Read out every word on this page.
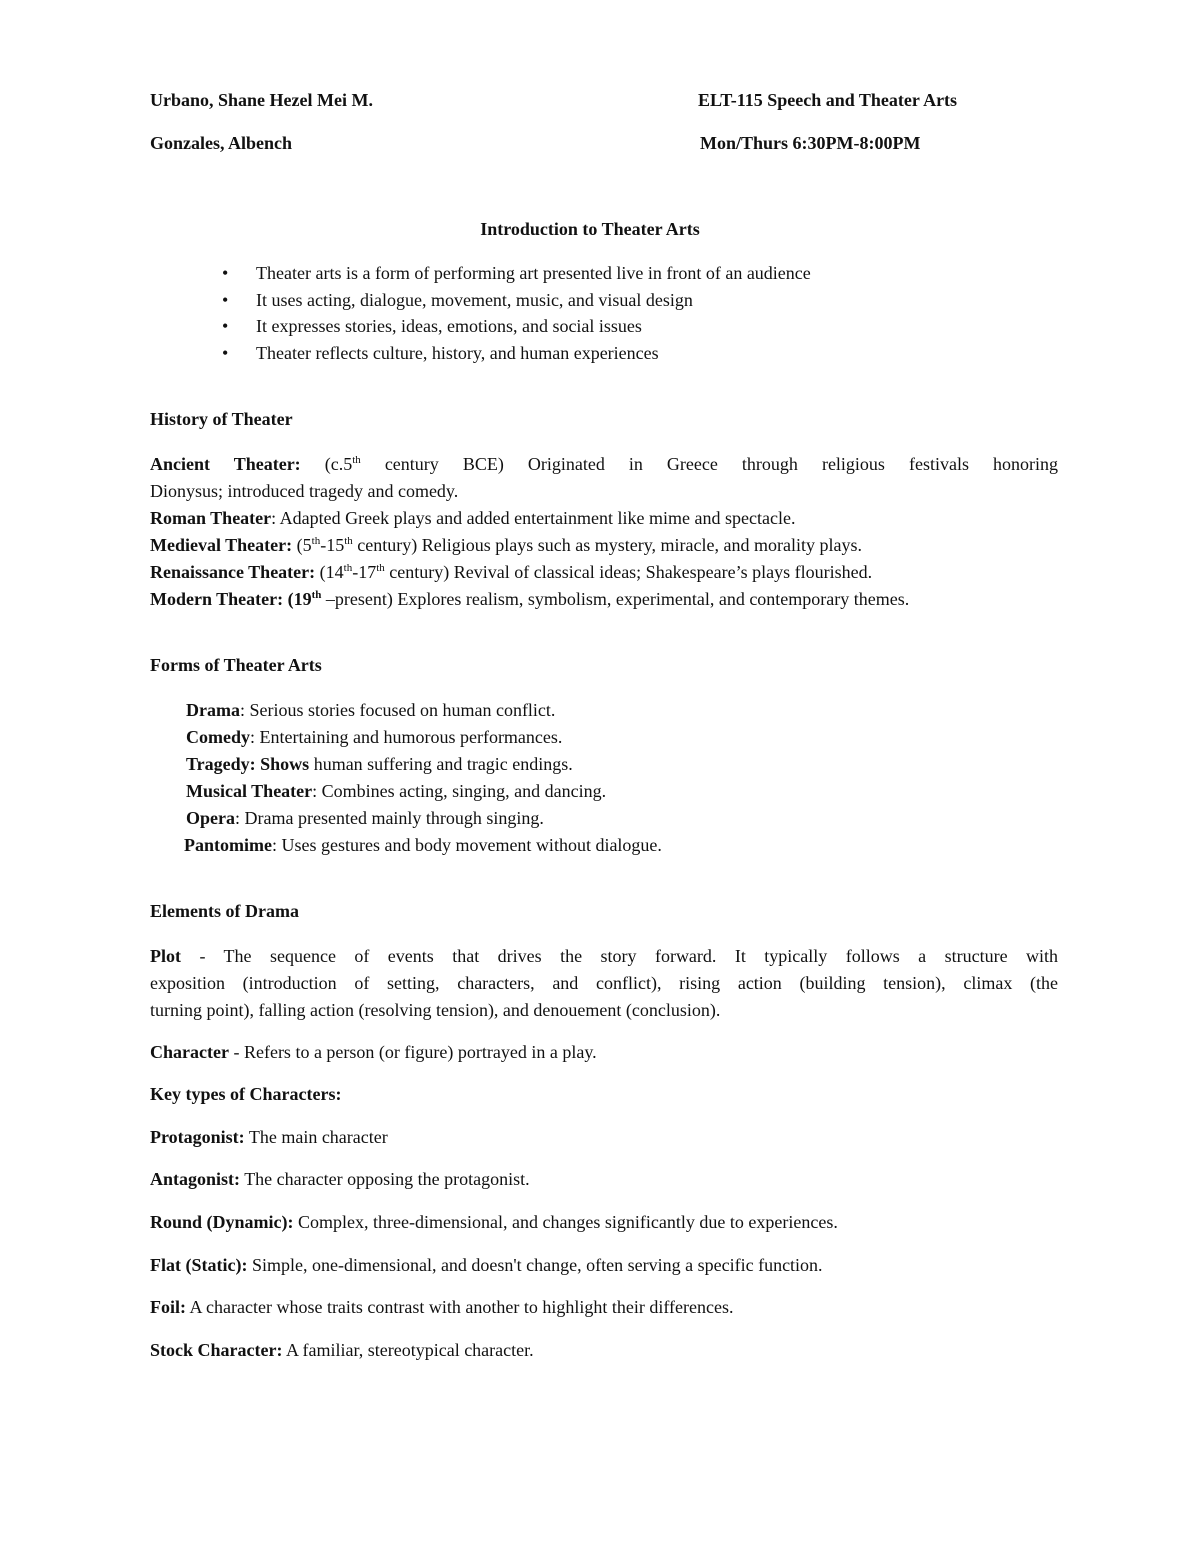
Urbano, Shane Hezel Mei M.
Gonzales, Albench
ELT-115 Speech and Theater Arts
Mon/Thurs 6:30PM-8:00PM
Introduction to Theater Arts
• Theater arts is a form of performing art presented live in front of an audience
• It uses acting, dialogue, movement, music, and visual design
• It expresses stories, ideas, emotions, and social issues
• Theater reflects culture, history, and human experiences
History of Theater
Ancient Theater: (c.5th century BCE) Originated in Greece through religious festivals honoring
Dionysus; introduced tragedy and comedy.
Roman Theater: Adapted Greek plays and added entertainment like mime and spectacle.
Medieval Theater: (5th-15th century) Religious plays such as mystery, miracle, and morality plays.
Renaissance Theater: (14th-17th century) Revival of classical ideas; Shakespeare’s plays flourished.
Modern Theater: (19th –present) Explores realism, symbolism, experimental, and contemporary themes.
Forms of Theater Arts
Drama: Serious stories focused on human conflict.
Comedy: Entertaining and humorous performances.
Tragedy: Shows human suffering and tragic endings.
Musical Theater: Combines acting, singing, and dancing.
Opera: Drama presented mainly through singing.
Pantomime: Uses gestures and body movement without dialogue.
Elements of Drama
Plot - The sequence of events that drives the story forward. It typically follows a structure with
exposition (introduction of setting, characters, and conflict), rising action (building tension), climax (the
turning point), falling action (resolving tension), and denouement (conclusion).
Character - Refers to a person (or figure) portrayed in a play.
Key types of Characters:
Protagonist: The main character
Antagonist: The character opposing the protagonist.
Round (Dynamic): Complex, three-dimensional, and changes significantly due to experiences.
Flat (Static): Simple, one-dimensional, and doesn't change, often serving a specific function.
Foil: A character whose traits contrast with another to highlight their differences.
Stock Character: A familiar, stereotypical character.
